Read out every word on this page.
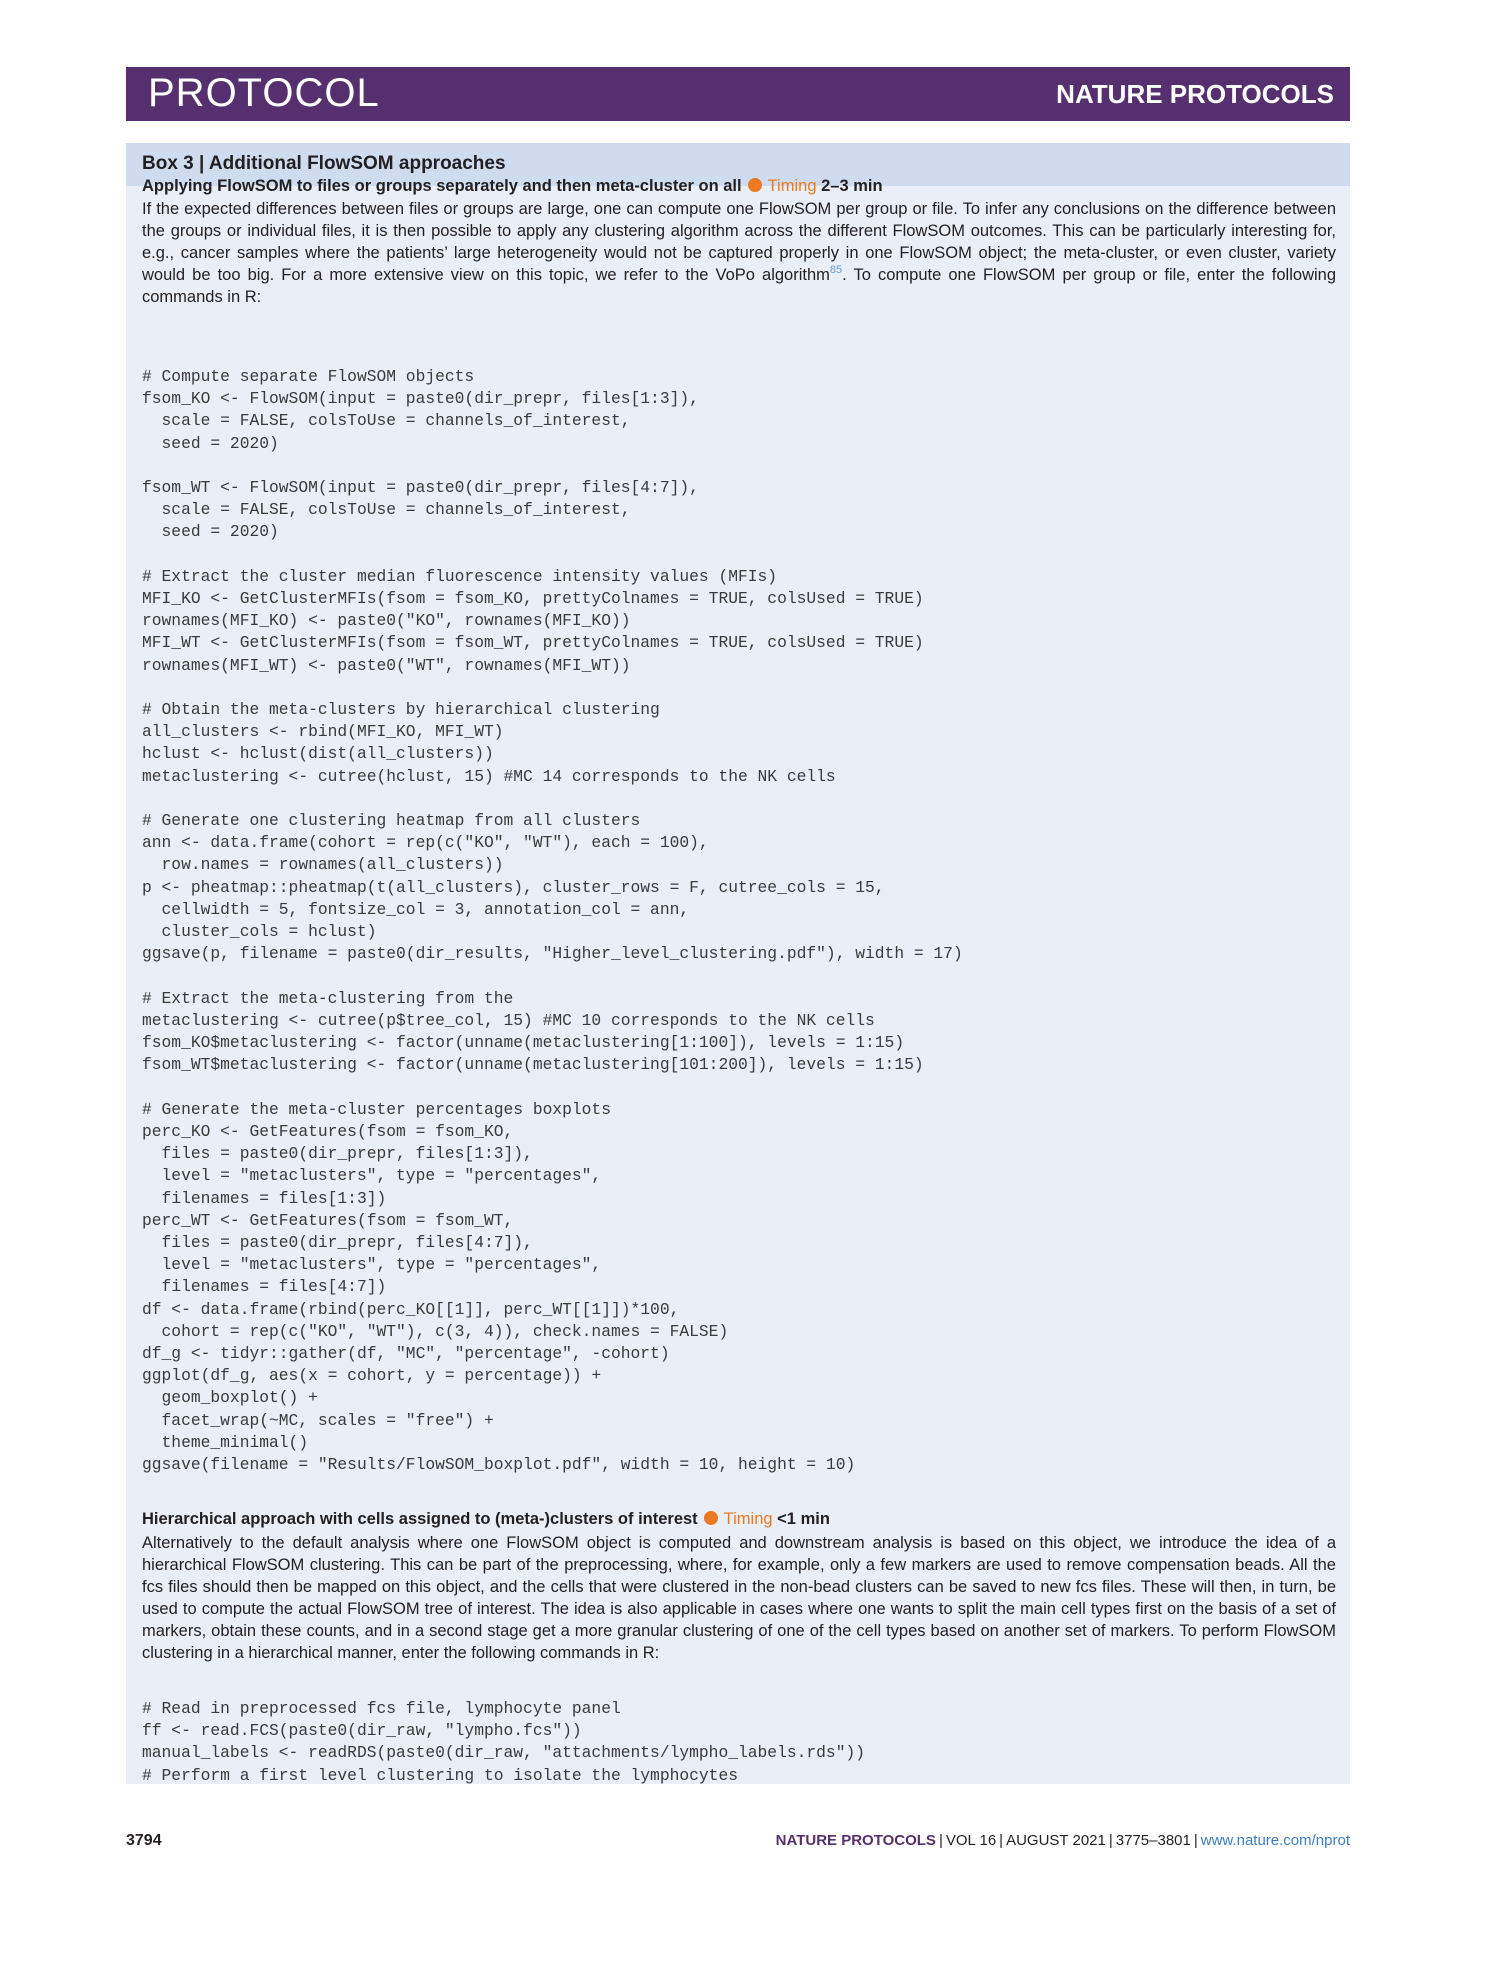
PROTOCOL	NATURE PROTOCOLS
Box 3 | Additional FlowSOM approaches
Applying FlowSOM to files or groups separately and then meta-cluster on all Timing 2–3 min
If the expected differences between files or groups are large, one can compute one FlowSOM per group or file. To infer any conclusions on the difference between the groups or individual files, it is then possible to apply any clustering algorithm across the different FlowSOM outcomes. This can be particularly interesting for, e.g., cancer samples where the patients’ large heterogeneity would not be captured properly in one FlowSOM object; the meta-cluster, or even cluster, variety would be too big. For a more extensive view on this topic, we refer to the VoPo algorithm$^{85}$. To compute one FlowSOM per group or file, enter the following commands in R:
# Compute separate FlowSOM objects
fsom_KO <- FlowSOM(input = paste0(dir_prepr, files[1:3]),
scale = FALSE, colsToUse = channels_of_interest,
seed = 2020)

fsom_WT <- FlowSOM(input = paste0(dir_prepr, files[4:7]),
scale = FALSE, colsToUse = channels_of_interest,
seed = 2020)

# Extract the cluster median fluorescence intensity values (MFIs)
MFI_KO <- GetClusterMFIs(fsom = fsom_KO, prettyColnames = TRUE, colsUsed = TRUE)
rownames(MFI_KO) <- paste0("KO", rownames(MFI_KO))
MFI_WT <- GetClusterMFIs(fsom = fsom_WT, prettyColnames = TRUE, colsUsed = TRUE)
rownames(MFI_WT) <- paste0("WT", rownames(MFI_WT))

# Obtain the meta-clusters by hierarchical clustering
all_clusters <- rbind(MFI_KO, MFI_WT)
hclust <- hclust(dist(all_clusters))
metaclustering <- cutree(hclust, 15) #MC 14 corresponds to the NK cells

# Generate one clustering heatmap from all clusters
ann <- data.frame(cohort = rep(c("KO", "WT"), each = 100),
row.names = rownames(all_clusters))
p <- pheatmap::pheatmap(t(all_clusters), cluster_rows = F, cutree_cols = 15,
cellwidth = 5, fontsize_col = 3, annotation_col = ann,
cluster_cols = hclust)
ggsave(p, filename = paste0(dir_results, "Higher_level_clustering.pdf"), width = 17)

# Extract the meta-clustering from the
metaclustering <- cutree(p$tree_col, 15) #MC 10 corresponds to the NK cells
fsom_KO$metaclustering <- factor(unname(metaclustering[1:100]), levels = 1:15)
fsom_WT$metaclustering <- factor(unname(metaclustering[101:200]), levels = 1:15)

# Generate the meta-cluster percentages boxplots
perc_KO <- GetFeatures(fsom = fsom_KO,
files = paste0(dir_prepr, files[1:3]),
level = "metaclusters", type = "percentages",
filenames = files[1:3])
perc_WT <- GetFeatures(fsom = fsom_WT,
files = paste0(dir_prepr, files[4:7]),
level = "metaclusters", type = "percentages",
filenames = files[4:7])
df <- data.frame(rbind(perc_KO[[1]], perc_WT[[1]])*100,
cohort = rep(c("KO", "WT"), c(3, 4)), check.names = FALSE)
df_g <- tidyr::gather(df, "MC", "percentage", -cohort)
ggplot(df_g, aes(x = cohort, y = percentage)) +
geom_boxplot() +
facet_wrap(~MC, scales = "free") +
theme_minimal()
ggsave(filename = "Results/FlowSOM_boxplot.pdf", width = 10, height = 10)
Hierarchical approach with cells assigned to (meta-)clusters of interest Timing <1 min
Alternatively to the default analysis where one FlowSOM object is computed and downstream analysis is based on this object, we introduce the idea of a hierarchical FlowSOM clustering. This can be part of the preprocessing, where, for example, only a few markers are used to remove compensation beads. All the fcs files should then be mapped on this object, and the cells that were clustered in the non-bead clusters can be saved to new fcs files. These will then, in turn, be used to compute the actual FlowSOM tree of interest. The idea is also applicable in cases where one wants to split the main cell types first on the basis of a set of markers, obtain these counts, and in a second stage get a more granular clustering of one of the cell types based on another set of markers. To perform FlowSOM clustering in a hierarchical manner, enter the following commands in R:
# Read in preprocessed fcs file, lymphocyte panel
ff <- read.FCS(paste0(dir_raw, "lympho.fcs"))
manual_labels <- readRDS(paste0(dir_raw, "attachments/lympho_labels.rds"))
# Perform a first level clustering to isolate the lymphocytes
3794	NATURE PROTOCOLS | VOL 16 | AUGUST 2021 | 3775–3801 | www.nature.com/nprot
